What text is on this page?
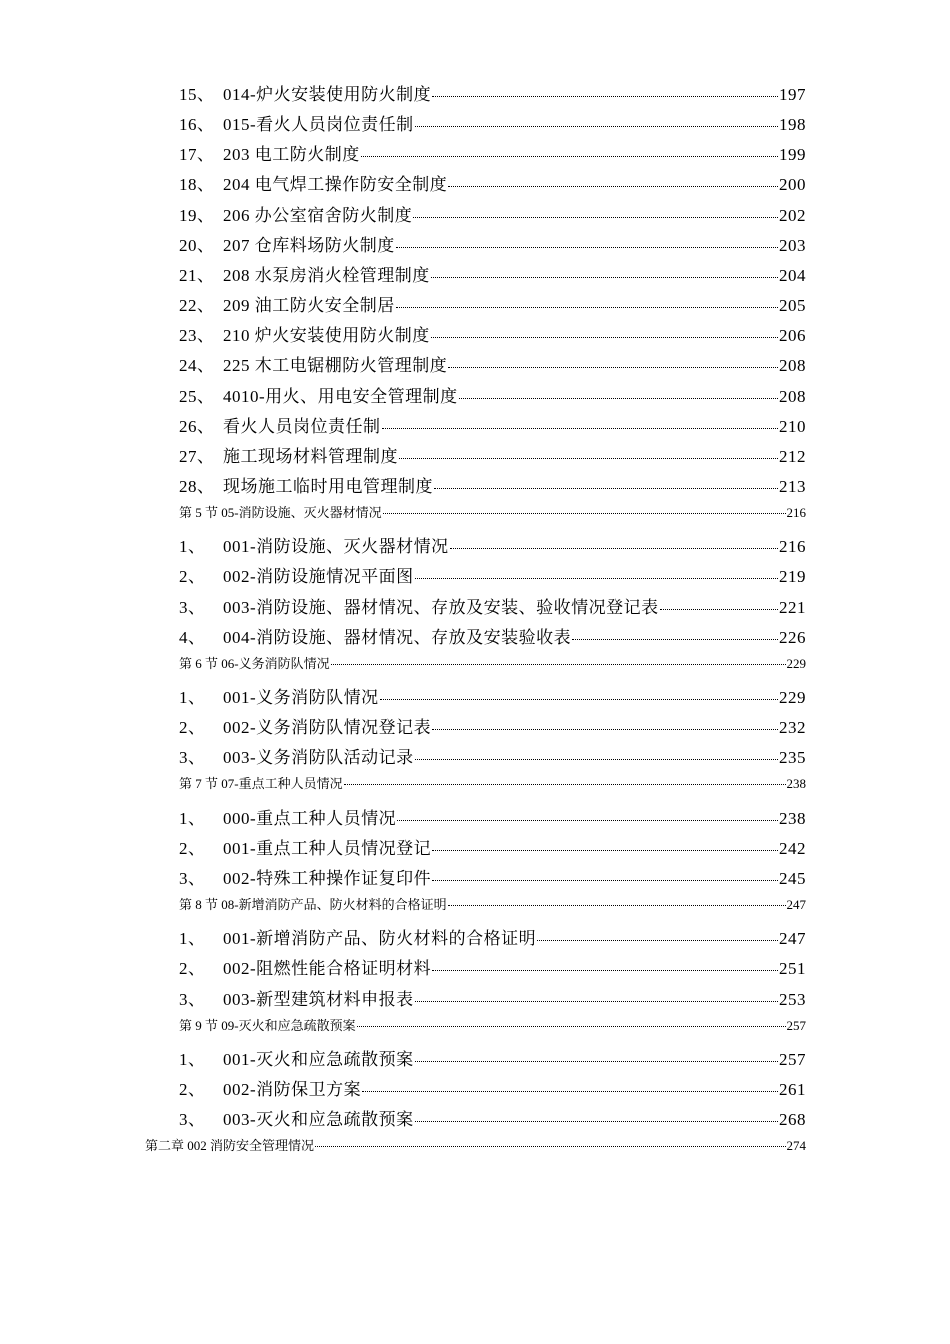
15、 014-炉火安装使用防火制度	197
16、 015-看火人员岗位责任制	198
17、 203 电工防火制度	199
18、 204 电气焊工操作防安全制度	200
19、 206 办公室宿舍防火制度	202
20、 207 仓库料场防火制度	203
21、 208 水泵房消火栓管理制度	204
22、 209 油工防火安全制居	205
23、 210 炉火安装使用防火制度	206
24、 225 木工电锯棚防火管理制度	208
25、 4010-用火、用电安全管理制度	208
26、 看火人员岗位责任制	210
27、 施工现场材料管理制度	212
28、 现场施工临时用电管理制度	213
第 5 节 05-消防设施、灭火器材情况	216
1、	001-消防设施、灭火器材情况	216
2、	002-消防设施情况平面图	219
3、	003-消防设施、器材情况、存放及安装、验收情况登记表	221
4、	004-消防设施、器材情况、存放及安装验收表	226
第 6 节 06-义务消防队情况	229
1、	001-义务消防队情况	229
2、	002-义务消防队情况登记表	232
3、	003-义务消防队活动记录	235
第 7 节 07-重点工种人员情况	238
1、	000-重点工种人员情况	238
2、	001-重点工种人员情况登记	242
3、	002-特殊工种操作证复印件	245
第 8 节 08-新增消防产品、防火材料的合格证明	247
1、	001-新增消防产品、防火材料的合格证明	247
2、	002-阻燃性能合格证明材料	251
3、	003-新型建筑材料申报表	253
第 9 节 09-灭火和应急疏散预案	257
1、	001-灭火和应急疏散预案	257
2、	002-消防保卫方案	261
3、	003-灭火和应急疏散预案	268
第二章 002 消防安全管理情况	274
